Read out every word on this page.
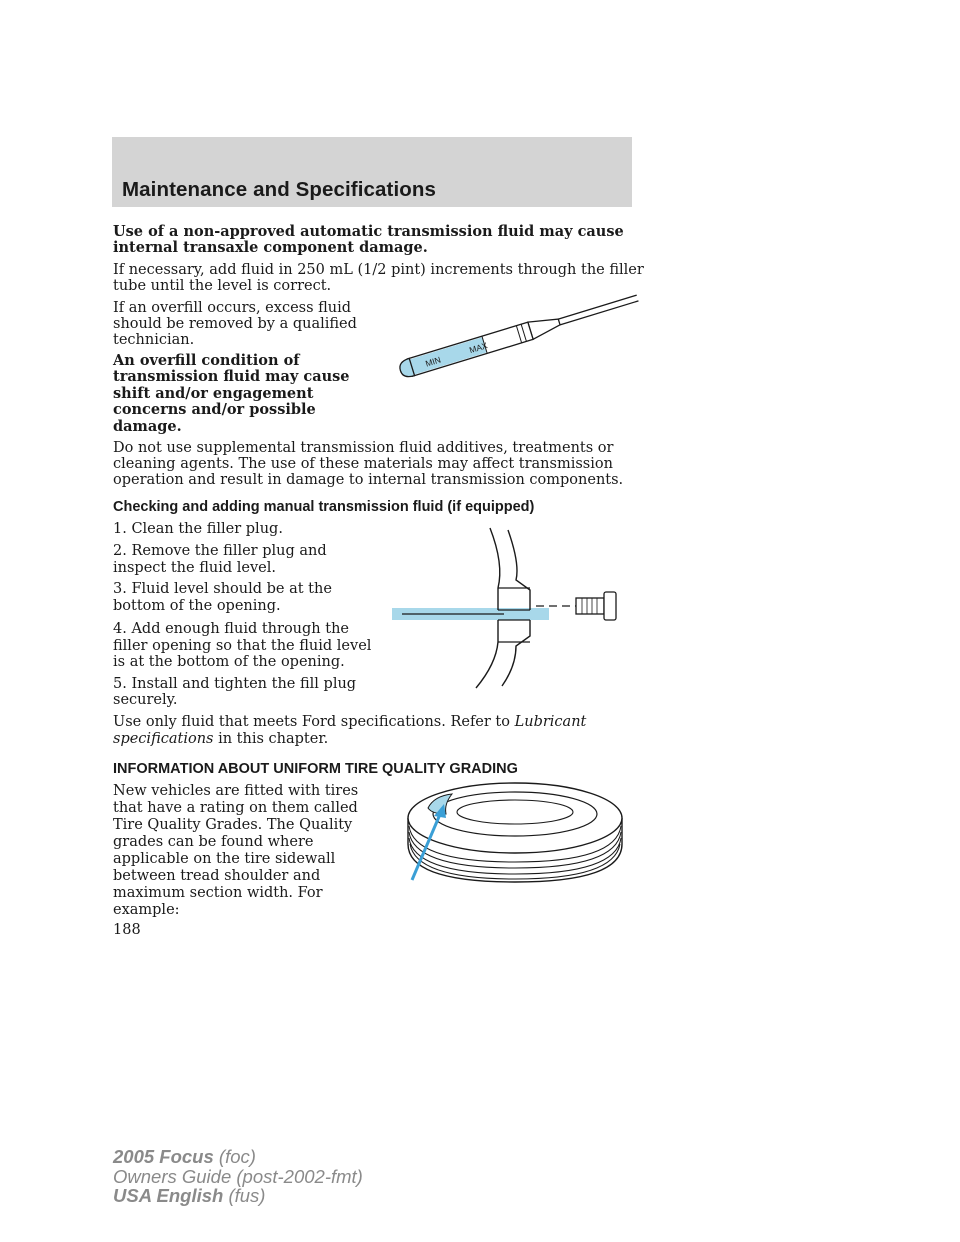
Maintenance and Specifications

Use of a non-approved automatic transmission fluid may cause

internal transaxle component damage.

If necessary, add fluid in 250 mL (1/2 pint) increments through the filler

tube until the level is correct.

If an overfill occurs, excess fluid

should be removed by a qualified

technician.

An overfill condition of

transmission fluid may cause

shift and/or engagement

concerns and/or possible

damage.

Do not use supplemental transmission fluid additives, treatments or

cleaning agents. The use of these materials may affect transmission

operation and result in damage to internal transmission components.

MIN
MAX
Checking and adding manual transmission fluid (if equipped)

1. Clean the filler plug.

2. Remove the filler plug and

inspect the fluid level.

3. Fluid level should be at the

bottom of the opening.

4. Add enough fluid through the

filler opening so that the fluid level

is at the bottom of the opening.

5. Install and tighten the fill plug

securely.

Use only fluid that meets Ford specifications. Refer to Lubricant

specifications in this chapter.

INFORMATION ABOUT UNIFORM TIRE QUALITY GRADING

New vehicles are fitted with tires

that have a rating on them called

Tire Quality Grades. The Quality

grades can be found where

applicable on the tire sidewall

between tread shoulder and

maximum section width. For

example:

188

2005 Focus (foc)
Owners Guide (post-2002-fmt)
USA English (fus)
